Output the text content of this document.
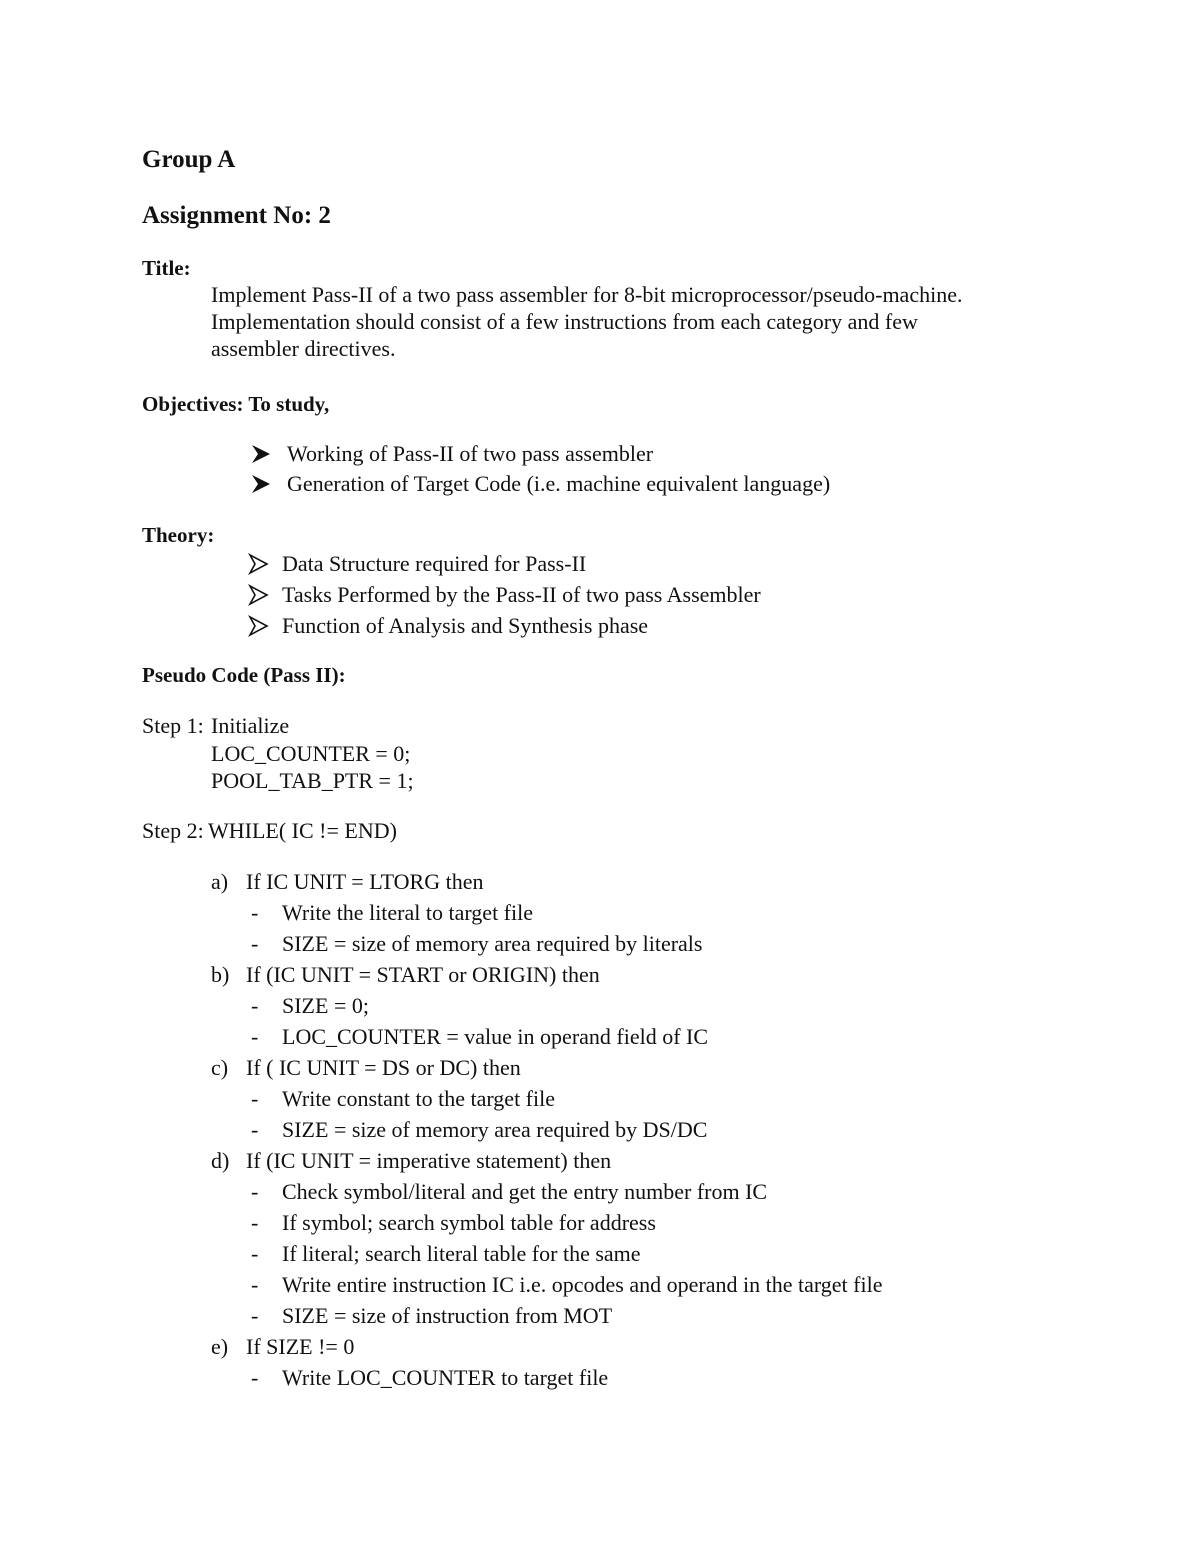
Group A
Assignment No: 2
Title:
Implement Pass-II of a two pass assembler for 8-bit microprocessor/pseudo-machine.
Implementation should consist of a few instructions from each category and few
assembler directives.
Objectives: To study,
Working of Pass-II of two pass assembler
Generation of Target Code (i.e. machine equivalent language)
Theory:
Data Structure required for Pass-II
Tasks Performed by the Pass-II of two pass Assembler
Function of Analysis and Synthesis phase
Pseudo Code (Pass II):
Step 1: Initialize
LOC_COUNTER = 0;
POOL_TAB_PTR = 1;
Step 2: WHILE( IC != END)
a) If IC UNIT = LTORG then
- Write the literal to target file
- SIZE = size of memory area required by literals
b) If (IC UNIT = START or ORIGIN) then
- SIZE = 0;
- LOC_COUNTER = value in operand field of IC
c) If ( IC UNIT = DS or DC) then
- Write constant to the target file
- SIZE = size of memory area required by DS/DC
d) If (IC UNIT = imperative statement) then
- Check symbol/literal and get the entry number from IC
- If symbol; search symbol table for address
- If literal; search literal table for the same
- Write entire instruction IC i.e. opcodes and operand in the target file
- SIZE = size of instruction from MOT
e) If SIZE != 0
- Write LOC_COUNTER to target file
